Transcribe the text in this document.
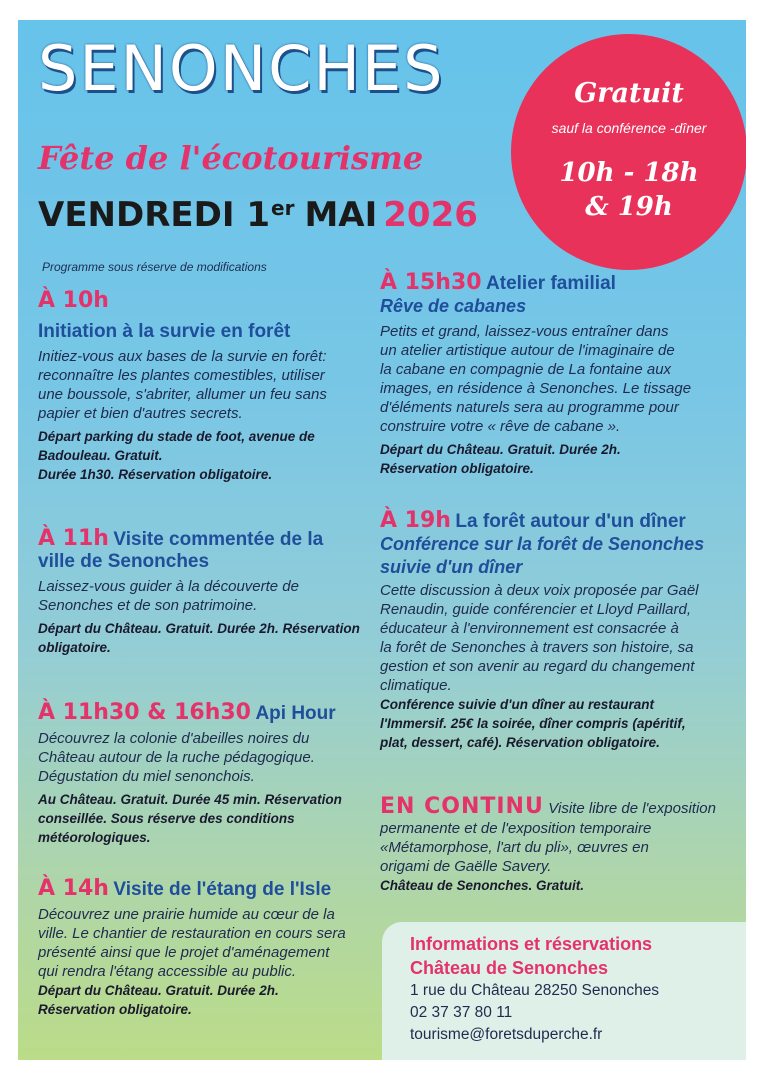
SENONCHES
Fête de l'écotourisme
VENDREDI 1er MAI 2026
Programme sous réserve de modifications
Gratuit
sauf la conférence -dîner
10h - 18h
& 19h
À 10h
Initiation à la survie en forêt
Initiez-vous aux bases de la survie en forêt:
reconnaître les plantes comestibles, utiliser
une boussole, s'abriter, allumer un feu sans
papier et bien d'autres secrets.
Départ parking du stade de foot, avenue de
Badouleau. Gratuit.
Durée 1h30. Réservation obligatoire.
À 11h Visite commentée de la
ville de Senonches
Laissez-vous guider à la découverte de
Senonches et de son patrimoine.
Départ du Château. Gratuit. Durée 2h. Réservation
obligatoire.
À 11h30 & 16h30 Api Hour
Découvrez la colonie d'abeilles noires du
Château autour de la ruche pédagogique.
Dégustation du miel senonchois.
Au Château. Gratuit. Durée 45 min. Réservation
conseillée. Sous réserve des conditions
météorologiques.
À 14h Visite de l'étang de l'Isle
Découvrez une prairie humide au cœur de la
ville. Le chantier de restauration en cours sera
présenté ainsi que le projet d'aménagement
qui rendra l'étang accessible au public.
Départ du Château. Gratuit. Durée 2h.
Réservation obligatoire.
À 15h30 Atelier familial
Rêve de cabanes
Petits et grand, laissez-vous entraîner dans
un atelier artistique autour de l'imaginaire de
la cabane en compagnie de La fontaine aux
images, en résidence à Senonches. Le tissage
d'éléments naturels sera au programme pour
construire votre « rêve de cabane ».
Départ du Château. Gratuit. Durée 2h.
Réservation obligatoire.
À 19h La forêt autour d'un dîner
Conférence sur la forêt de Senonches
suivie d'un dîner
Cette discussion à deux voix proposée par Gaël
Renaudin, guide conférencier et Lloyd Paillard,
éducateur à l'environnement est consacrée à
la forêt de Senonches à travers son histoire, sa
gestion et son avenir au regard du changement
climatique.
Conférence suivie d'un dîner au restaurant
l'Immersif. 25€ la soirée, dîner compris (apéritif,
plat, dessert, café). Réservation obligatoire.
EN CONTINU Visite libre de l'exposition
permanente et de l'exposition temporaire
«Métamorphose, l'art du pli», œuvres en
origami de Gaëlle Savery.
Château de Senonches. Gratuit.
Informations et réservations
Château de Senonches
1 rue du Château 28250 Senonches
02 37 37 80 11
tourisme@foretsduperche.fr
